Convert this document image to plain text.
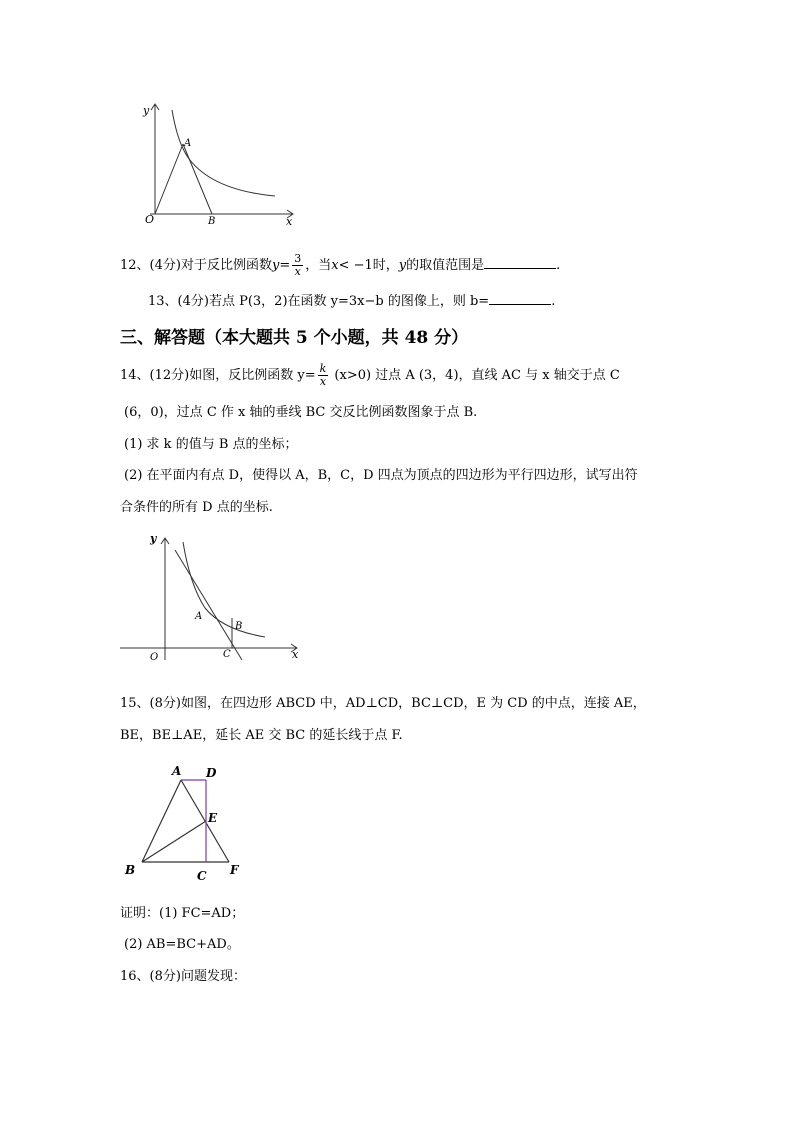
y
x
O
A
B
12、(4分)对于反比例函数$y= \frac{3}{x}$ ，当x< −1时，y的取值范围是	.
13、(4分)若点 P(3，2)在函数 y=3x−b 的图像上，则 b=	.
三、解答题（本大题共 5 个小题，共 48 分）
14、(12分)如图，反比例函数 $y= \frac{k}{x} (x>0)$ 过点 A (3，4)，直线 AC 与 x 轴交于点 C
(6，0)，过点 C 作 x 轴的垂线 BC 交反比例函数图象于点 B.
(1) 求 k 的值与 B 点的坐标；
(2) 在平面内有点 D，使得以 A，B，C，D 四点为顶点的四边形为平行四边形，试写出符
合条件的所有 D 点的坐标.
y
x
O
A
B
C
15、(8分)如图，在四边形 ABCD 中，AD⊥CD，BC⊥CD，E 为 CD 的中点，连接 AE，
BE，BE⊥AE，延长 AE 交 BC 的延长线于点 F.
A D
E
B	C F
证明：(1) FC=AD；
(2) AB=BC+AD。
16、(8分)问题发现：
